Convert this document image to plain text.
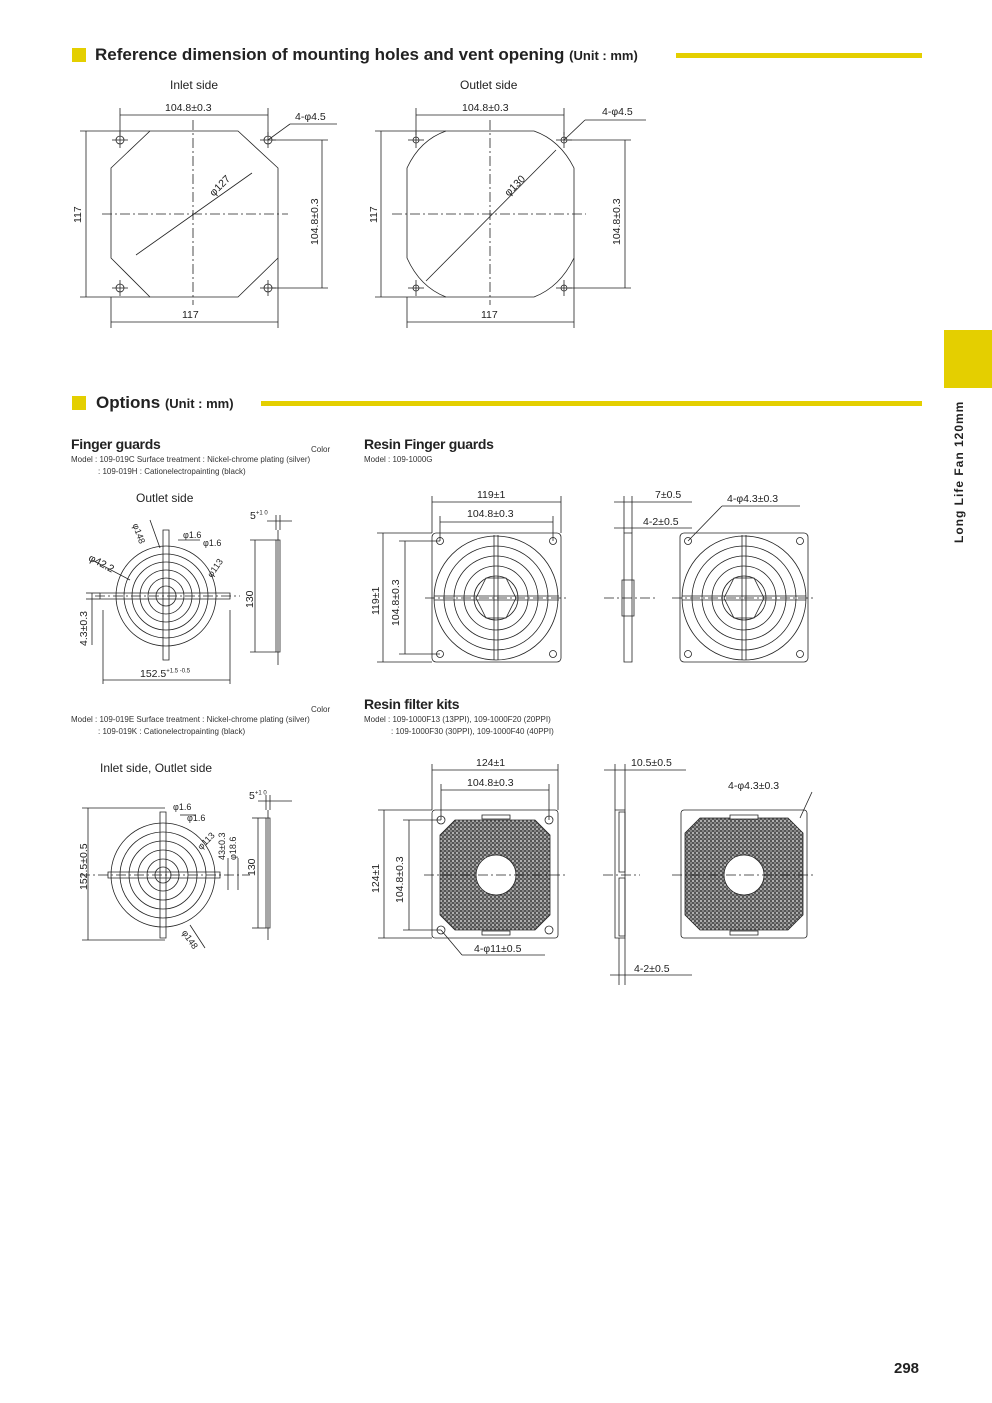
Reference dimension of mounting holes and vent opening (Unit : mm)
Inlet side
104.8±0.3
4-φ4.5
φ127
117	104.8±0.3
117
Outlet side
104.8±0.3	4-φ4.5
φ130
117	104.8±0.3
117
Long Life Fan 120mm
Options (Unit : mm)
Finger guards	Color
Model : 109-019C Surface treatment : Nickel-chrome plating (silver)
: 109-019H : Cationelectropainting (black)
Outlet side
φ148	φ1.6
φ1.6
φ113
φ42.2
$5^{+1 0}$
130
4.3±0.3
$152.5^{+1.5 -0.5}$
Color
Model : 109-019E Surface treatment : Nickel-chrome plating (silver)
: 109-019K : Cationelectropainting (black)
Inlet side, Outlet side
φ1.6
φ1.6
φ113 43±0.3 φ18.6
152.5±0.5	130
$5^{+1 0}$
φ148
Resin Finger guards
Model : 109-1000G
119±1
104.8±0.3
119±1 104.8±0.3
7±0.5
4-2±0.5
4-φ4.3±0.3
Resin filter kits
Model : 109-1000F13 (13PPI), 109-1000F20 (20PPI)
: 109-1000F30 (30PPI), 109-1000F40 (40PPI)
124±1
104.8±0.3
124±1 104.8±0.3
4-φ11±0.5
10.5±0.5
4-φ4.3±0.3
4-2±0.5
298
